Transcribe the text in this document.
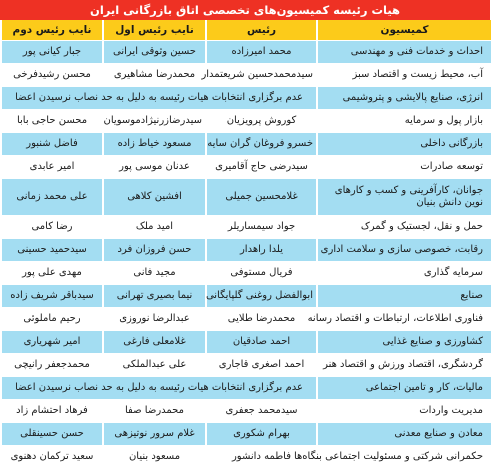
هیات رئیسه کمیسیون‌های تخصصی اتاق بازرگانی ایران
کمیسیون	رئیس	نایب رئیس اول	نایب رئیس دوم
احداث و خدمات فنی و مهندسی	محمد امیرزاده	حسین وثوقی ایرانی	جبار کیانی پور
آب، محیط زیست و اقتصاد سبز	سیدمحمدحسین شریعتمدار	محمدرضا مشاهیری	محسن رشیدفرخی
انرژی، صنایع پالایشی و پتروشیمی	عدم برگزاری انتخابات هیات رئیسه به دلیل به حد نصاب نرسیدن اعضا		
بازار پول و سرمایه	کوروش پرویزیان	سیدرضازرنیژادموسویان	محسن حاجی بابا
بازرگانی داخلی	خسرو فروغان گران سایه	مسعود خیاط زاده	فاضل شنبور
توسعه صادرات	سیدرضی حاج آقامیری	عدنان موسی پور	امیر عابدی
جوانان، کارآفرینی و کسب و کارهای نوین دانش بنیان	غلامحسین جمیلی	افشین کلاهی	علی محمد زمانی
حمل و نقل، لجستیک و گمرک	جواد سیمساریلر	امید ملک	رضا کامی
رقابت، خصوصی سازی و سلامت اداری	یلدا راهدار	حسن فروزان فرد	سیدحمید حسینی
سرمایه گذاری	فریال مستوفی	مجید فانی	مهدی علی پور
صنایع	ابوالفضل روغنی گلپایگانی	نیما بصیری تهرانی	سیدباقر شریف زاده
فناوری اطلاعات، ارتباطات و اقتصاد رسانه	محمدرضا طلایی	عبدالرضا نوروزی	رحیم ماملوئی
کشاورزی و صنایع غذایی	احمد صادقیان	غلامعلی فارغی	امیر شهریاری
گردشگری، اقتصاد ورزش و اقتصاد هنر	احمد اصغری قاجاری	علی عبدالملکی	محمدجعفر رانیچی
مالیات، کار و تامین اجتماعی	عدم برگزاری انتخابات هیات رئیسه به دلیل به حد نصاب نرسیدن اعضا		
مدیریت واردات	سیدمحمد جعفری	محمدرضا صفا	فرهاد احتشام زاد
معادن و صنایع معدنی	بهرام شکوری	غلام سرور نوتیزهی	حسن حسینقلی
حکمرانی شرکتی و مسئولیت اجتماعی بنگاه‌ها	فاطمه دانشور	مسعود بنیان	سعید ترکمان دهنوی
